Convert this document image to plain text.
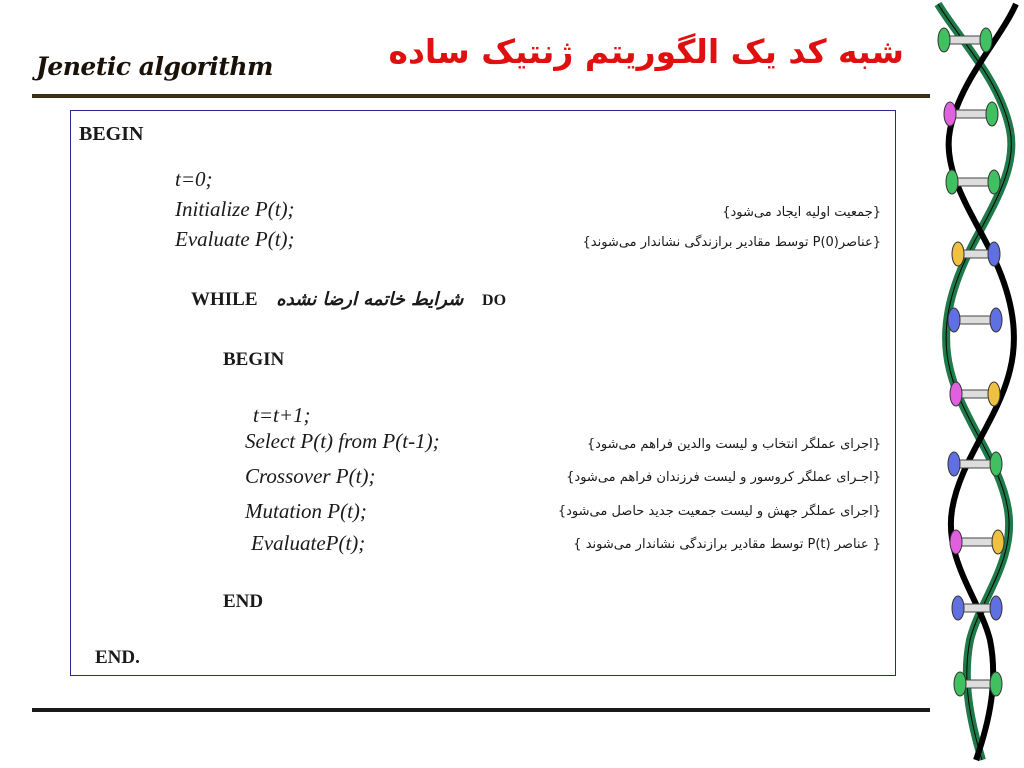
Jenetic algorithm	شبه کد یک الگوریتم ژنتیک ساده
BEGIN
t=0;
Initialize P(t);	{جمعیت اولیه ایجاد می‌شود}
Evaluate P(t);	{عناصر(0)P توسط مقادیر برازندگی نشاندار می‌شوند}
WHILE شرایط خاتمه ارضا نشده DO
BEGIN
t=t+1;
Select P(t) from P(t-1);	{اجرای عملگر انتخاب و لیست والدین فراهم می‌شود}
Crossover P(t);	{اجـرای عملگر کروسور و لیست فرزندان فراهم می‌شود}
Mutation P(t);	{اجرای عملگر جهش و لیست جمعیت جدید حاصل می‌شود}
EvaluateP(t);	{ عناصر (P(t توسط مقادیر برازندگی نشاندار می‌شوند }
END
END.
